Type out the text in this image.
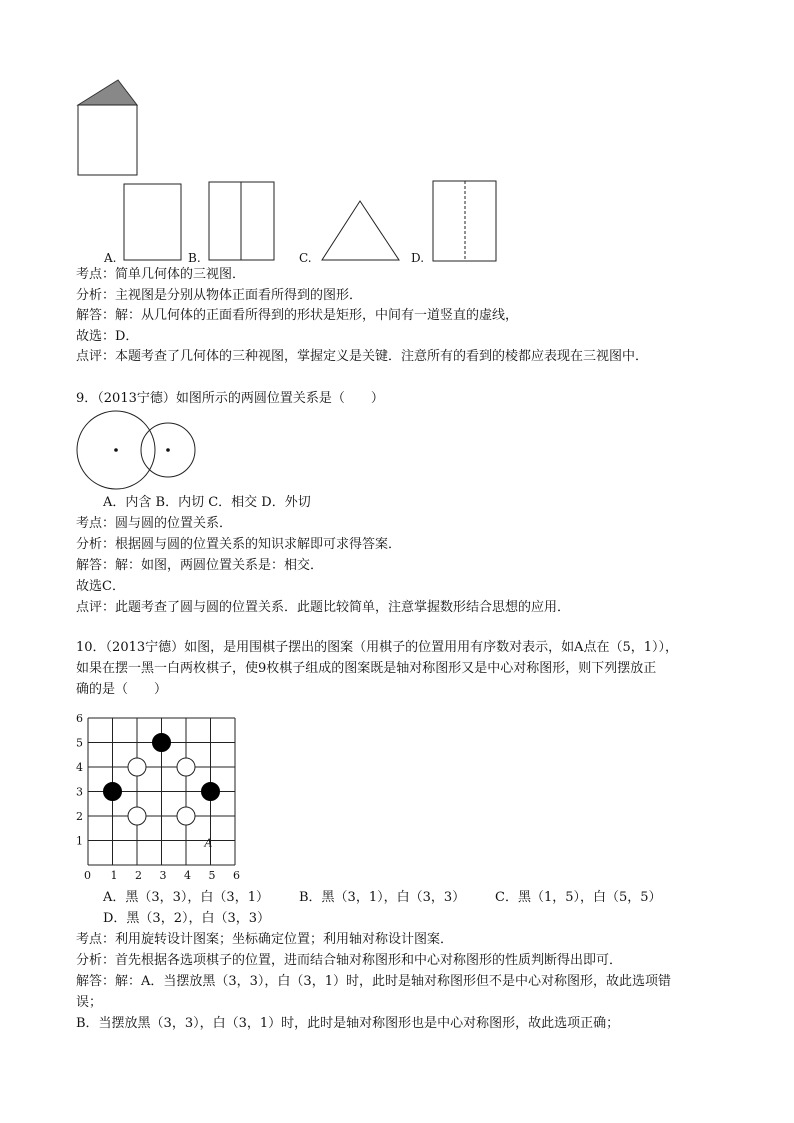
A.	B.	C.	D.
考点：简单几何体的三视图．
分析：主视图是分别从物体正面看所得到的图形．
解答：解：从几何体的正面看所得到的形状是矩形，中间有一道竖直的虚线，
故选：D．
点评：本题考查了几何体的三种视图，掌握定义是关键．注意所有的看到的棱都应表现在三视图中．
9．（2013宁德）如图所示的两圆位置关系是（　　）
A．内含 B．内切 C．相交 D．外切
考点：圆与圆的位置关系．
分析：根据圆与圆的位置关系的知识求解即可求得答案．
解答：解：如图，两圆位置关系是：相交．
故选C．
点评：此题考查了圆与圆的位置关系．此题比较简单，注意掌握数形结合思想的应用．
10．（2013宁德）如图，是用围棋子摆出的图案（用棋子的位置用用有序数对表示，如A点在（5，1）），
如果在摆一黑一白两枚棋子，使9枚棋子组成的图案既是轴对称图形又是中心对称图形，则下列摆放正
确的是（　　）
0 1 2 3 4 5 6
6
5
4
3
2
1	A
A．黑（3，3），白（3，1） B．黑（3，1），白（3，3） C．黑（1，5），白（5，5）
D．黑（3，2），白（3，3）
考点：利用旋转设计图案；坐标确定位置；利用轴对称设计图案．
分析：首先根据各选项棋子的位置，进而结合轴对称图形和中心对称图形的性质判断得出即可．
解答：解：A．当摆放黑（3，3），白（3，1）时，此时是轴对称图形但不是中心对称图形，故此选项错
误；
B．当摆放黑（3，3），白（3，1）时，此时是轴对称图形也是中心对称图形，故此选项正确；
